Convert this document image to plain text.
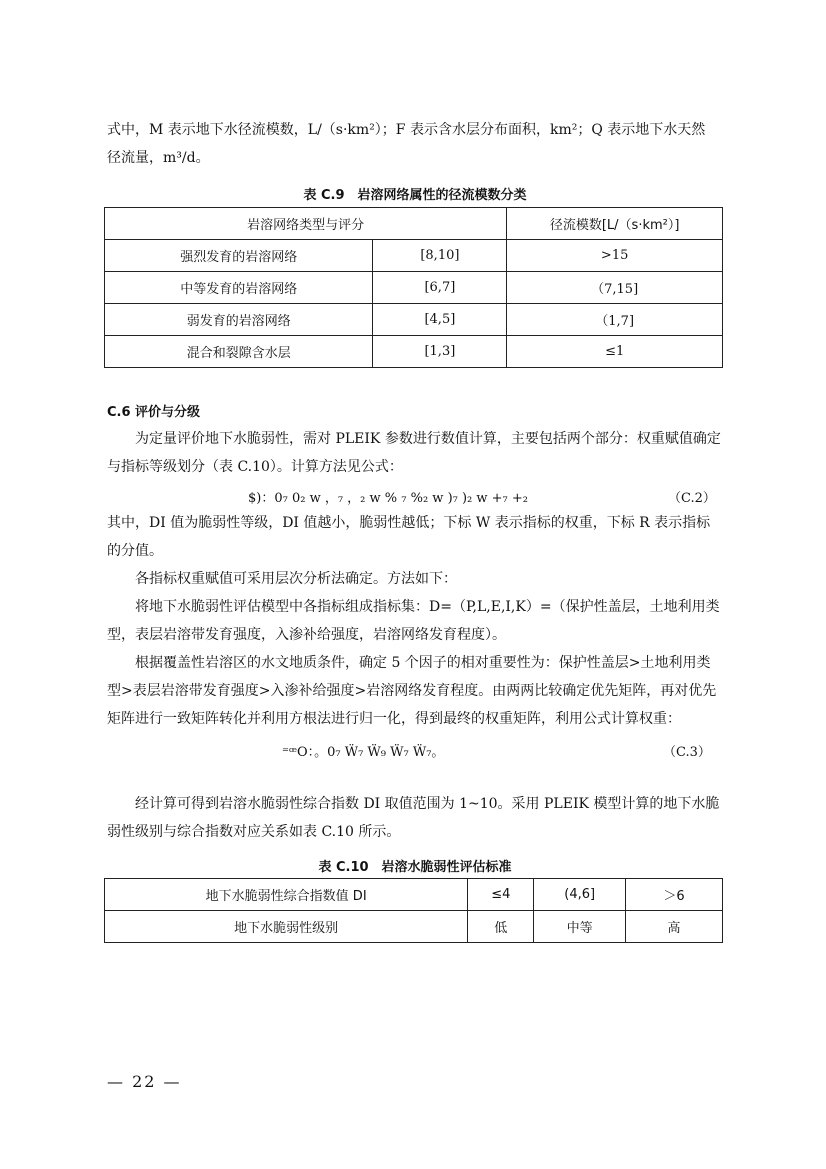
式中，M 表示地下水径流模数，L/（s·km²）；F 表示含水层分布面积，km²；Q 表示地下水天然

径流量，m³/d。

表 C.9　岩溶网络属性的径流模数分类
岩溶网络类型与评分		径流模数[L/（s·km²）]
强烈发育的岩溶网络	[8,10]	>15
中等发育的岩溶网络	[6,7]	（7,15]
弱发育的岩溶网络	[4,5]	（1,7]
混合和裂隙含水层	[1,3]	≤1
C.6 评价与分级

为定量评价地下水脆弱性，需对 PLEIK 参数进行数值计算，主要包括两个部分：权重赋值确定与指标等级划分（表 C.10）。计算方法见公式：

$)：0₇ 0₂ w ，₇ ，₂ w % ₇ %₂ w )₇ )₂ w +₇ +₂	（C.2）

其中，DI 值为脆弱性等级，DI 值越小，脆弱性越低；下标 W 表示指标的权重，下标 R 表示指标的分值。

各指标权重赋值可采用层次分析法确定。方法如下：

将地下水脆弱性评估模型中各指标组成指标集：D=（P,L,E,I,K）=（保护性盖层，土地利用类型，表层岩溶带发育强度，入渗补给强度，岩溶网络发育程度）。

根据覆盖性岩溶区的水文地质条件，确定 5 个因子的相对重要性为：保护性盖层>土地利用类型>表层岩溶带发育强度>入渗补给强度>岩溶网络发育程度。由两两比较确定优先矩阵，再对优先矩阵进行一致矩阵转化并利用方根法进行归一化，得到最终的权重矩阵，利用公式计算权重：

⁼ꟹO：。0₇ Ẅ₇ Ẅ₉ Ẅ₇ Ẅ₇。	（C.3）

经计算可得到岩溶水脆弱性综合指数 DI 取值范围为 1~10。采用 PLEIK 模型计算的地下水脆弱性级别与综合指数对应关系如表 C.10 所示。

表 C.10　岩溶水脆弱性评估标准
地下水脆弱性综合指数值 DI	≤4	(4,6]	＞6
地下水脆弱性级别	低	中等	高
— 22 —
